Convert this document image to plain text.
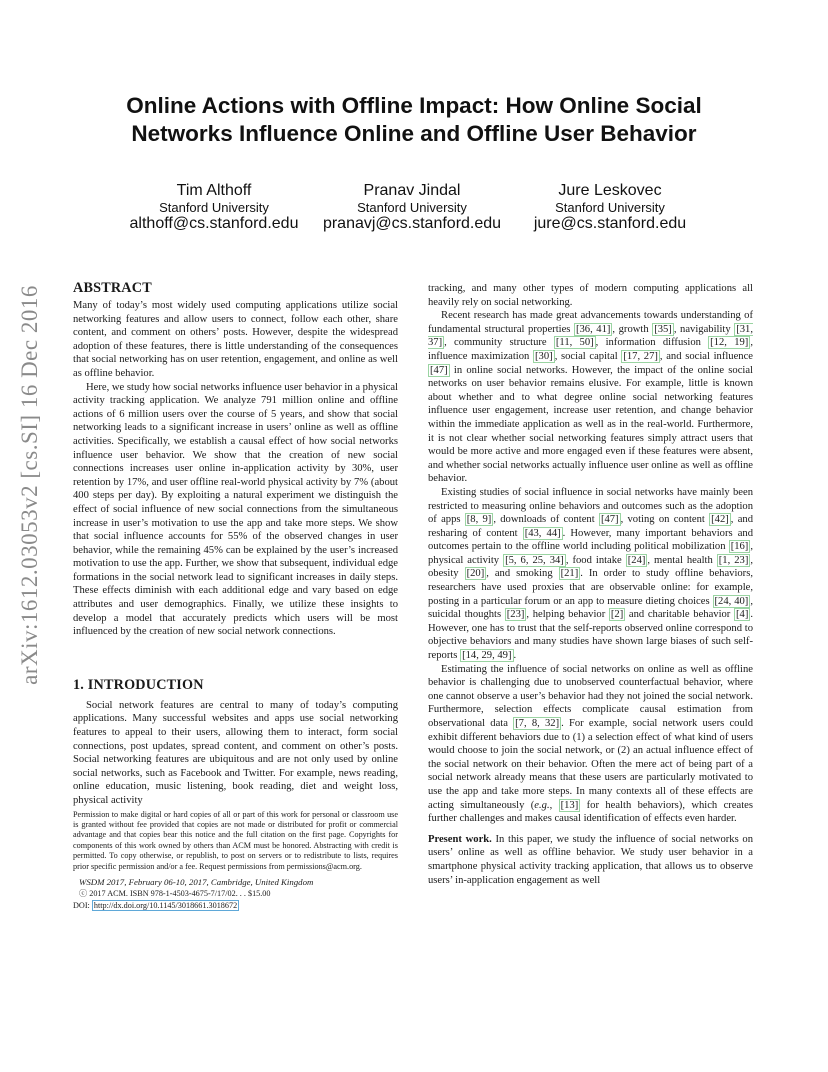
arXiv:1612.03053v2 [cs.SI] 16 Dec 2016
Online Actions with Offline Impact: How Online Social
Networks Influence Online and Offline User Behavior
Tim Althoff
Stanford University
althoff@cs.stanford.edu
Pranav Jindal
Stanford University
pranavj@cs.stanford.edu
Jure Leskovec
Stanford University
jure@cs.stanford.edu
ABSTRACT

Many of today’s most widely used computing applications utilize social networking features and allow users to connect, follow each other, share content, and comment on others’ posts. However, despite the widespread adoption of these features, there is little understanding of the consequences that social networking has on user retention, engagement, and online as well as offline behavior.

Here, we study how social networks influence user behavior in a physical activity tracking application. We analyze 791 million online and offline actions of 6 million users over the course of 5 years, and show that social networking leads to a significant increase in users’ online as well as offline activities. Specifically, we establish a causal effect of how social networks influence user behavior. We show that the creation of new social connections increases user online in-application activity by 30%, user retention by 17%, and user offline real-world physical activity by 7% (about 400 steps per day). By exploiting a natural experiment we distinguish the effect of social influence of new social connections from the simultaneous increase in user’s motivation to use the app and take more steps. We show that social influence accounts for 55% of the observed changes in user behavior, while the remaining 45% can be explained by the user’s increased motivation to use the app. Further, we show that subsequent, individual edge formations in the social network lead to significant increases in daily steps. These effects diminish with each additional edge and vary based on edge attributes and user demographics. Finally, we utilize these insights to develop a model that accurately predicts which users will be most influenced by the creation of new social network connections.

1. INTRODUCTION

Social network features are central to many of today’s computing applications. Many successful websites and apps use social networking features to appeal to their users, allowing them to interact, form social connections, post updates, spread content, and comment on other’s posts. Social networking features are ubiquitous and are not only used by online social networks, such as Facebook and Twitter. For example, news reading, online education, music listening, book reading, diet and weight loss, physical activity

Permission to make digital or hard copies of all or part of this work for personal or classroom use is granted without fee provided that copies are not made or distributed for profit or commercial advantage and that copies bear this notice and the full citation on the first page. Copyrights for components of this work owned by others than ACM must be honored. Abstracting with credit is permitted. To copy otherwise, or republish, to post on servers or to redistribute to lists, requires prior specific permission and/or a fee. Request permissions from permissions@acm.org.

WSDM 2017, February 06-10, 2017, Cambridge, United Kingdom
ⓒ 2017 ACM. ISBN 978-1-4503-4675-7/17/02. . . $15.00
DOI: http://dx.doi.org/10.1145/3018661.3018672

tracking, and many other types of modern computing applications all heavily rely on social networking.

Recent research has made great advancements towards understanding of fundamental structural properties [36, 41] , growth [35] , navigability [31, 37] , community structure [11, 50] , information diffusion [12, 19] , influence maximization [30] , social capital [17, 27] , and social influence [47] in online social networks. However, the impact of the online social networks on user behavior remains elusive. For example, little is known about whether and to what degree online social networking features influence user engagement, increase user retention, and change behavior within the immediate application as well as in the real-world. Furthermore, it is not clear whether social networking features simply attract users that would be more active and more engaged even if these features were absent, and whether social networks actually influence user online as well as offline behavior.

Existing studies of social influence in social networks have mainly been restricted to measuring online behaviors and outcomes such as the adoption of apps [8, 9] , downloads of content [47] , voting on content [42] , and resharing of content [43, 44] . However, many important behaviors and outcomes pertain to the offline world including political mobilization [16] , physical activity [5, 6, 25, 34] , food intake [24] , mental health [1, 23] , obesity [20] , and smoking [21] . In order to study offline behaviors, researchers have used proxies that are observable online: for example, posting in a particular forum or an app to measure dieting choices [24, 40] , suicidal thoughts [23] , helping behavior [2] and charitable behavior [4] . However, one has to trust that the self-reports observed online correspond to objective behaviors and many studies have shown large biases of such self-reports [14, 29, 49] .

Estimating the influence of social networks on online as well as offline behavior is challenging due to unobserved counterfactual behavior, where one cannot observe a user’s behavior had they not joined the social network. Furthermore, selection effects complicate causal estimation from observational data [7, 8, 32] . For example, social network users could exhibit different behaviors due to (1) a selection effect of what kind of users would choose to join the social network, or (2) an actual influence effect of the social network on their behavior. Often the mere act of being part of a social network already means that these users are particularly motivated to use the app and take more steps. In many contexts all of these effects are acting simultaneously (e.g., [13] for health behaviors), which creates further challenges and makes causal identification of effects even harder.

Present work. In this paper, we study the influence of social networks on users’ online as well as offline behavior. We study user behavior in a smartphone physical activity tracking application, that allows us to observe users’ in-application engagement as well
